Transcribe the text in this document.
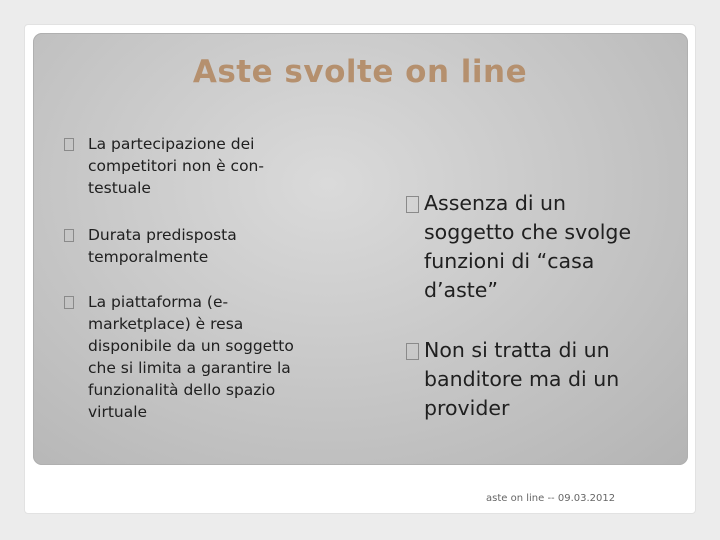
Aste svolte on line

La partecipazione dei
competitori non è con-
testuale

Durata predisposta
temporalmente

La piattaforma (e-
marketplace) è resa
disponibile da un soggetto
che si limita a garantire la
funzionalità dello spazio
virtuale

Assenza di un
soggetto che svolge
funzioni di “casa
d’aste”

Non si tratta di un
banditore ma di un
provider

aste on line -- 09.03.2012
